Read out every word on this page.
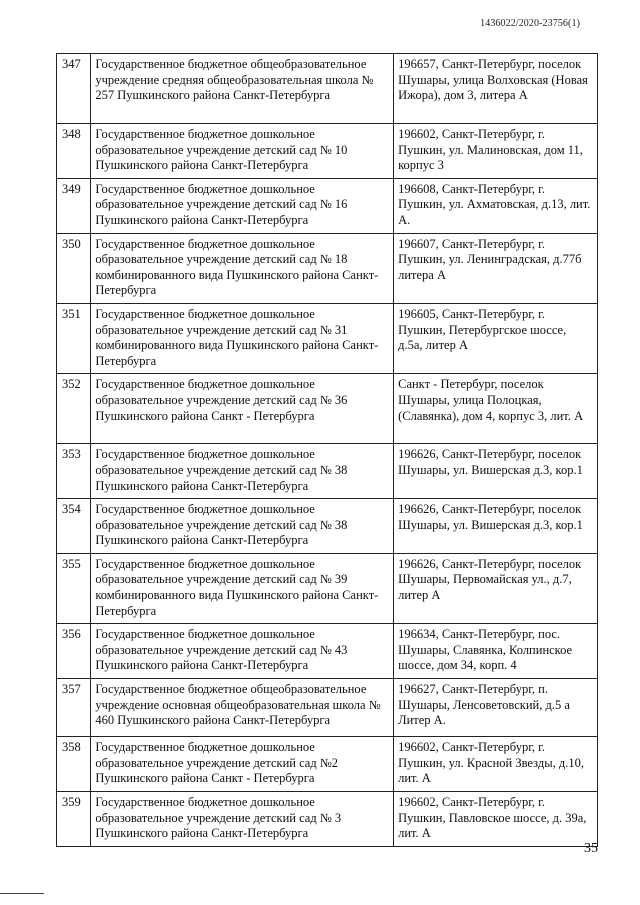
1436022/2020-23756(1)
347	Государственное бюджетное общеобразовательное учреждение средняя общеобразовательная школа № 257 Пушкинского района Санкт-Петербурга	196657, Санкт-Петербург, поселок Шушары, улица Волховская (Новая Ижора), дом 3, литера А
348	Государственное бюджетное дошкольное образовательное учреждение детский сад № 10 Пушкинского района Санкт-Петербурга	196602, Санкт-Петербург, г. Пушкин, ул. Малиновская, дом 11, корпус 3
349	Государственное бюджетное дошкольное образовательное учреждение детский сад № 16 Пушкинского района Санкт-Петербурга	196608, Санкт-Петербург, г. Пушкин, ул. Ахматовская, д.13, лит. А.
350	Государственное бюджетное дошкольное образовательное учреждение детский сад № 18 комбинированного вида Пушкинского района Санкт-Петербурга	196607, Санкт-Петербург, г. Пушкин, ул. Ленинградская, д.77б литера А
351	Государственное бюджетное дошкольное образовательное учреждение детский сад № 31 комбинированного вида Пушкинского района Санкт-Петербурга	196605, Санкт-Петербург, г. Пушкин, Петербургское шоссе, д.5а, литер А
352	Государственное бюджетное дошкольное образовательное учреждение детский сад № 36 Пушкинского района Санкт - Петербурга	Санкт - Петербург, поселок Шушары, улица Полоцкая, (Славянка), дом 4, корпус 3, лит. А
353	Государственное бюджетное дошкольное образовательное учреждение детский сад № 38 Пушкинского района Санкт-Петербурга	196626, Санкт-Петербург, поселок Шушары, ул. Вишерская д.3, кор.1
354	Государственное бюджетное дошкольное образовательное учреждение детский сад № 38 Пушкинского района Санкт-Петербурга	196626, Санкт-Петербург, поселок Шушары, ул. Вишерская д.3, кор.1
355	Государственное бюджетное дошкольное образовательное учреждение детский сад № 39 комбинированного вида Пушкинского района Санкт-Петербурга	196626, Санкт-Петербург, поселок Шушары, Первомайская ул., д.7, литер А
356	Государственное бюджетное дошкольное образовательное учреждение детский сад № 43 Пушкинского района Санкт-Петербурга	196634, Санкт-Петербург, пос. Шушары, Славянка, Колпинское шоссе, дом 34, корп. 4
357	Государственное бюджетное общеобразовательное учреждение основная общеобразовательная школа № 460 Пушкинского района Санкт-Петербурга	196627, Санкт-Петербург, п. Шушары, Ленсоветовский, д.5 а Литер А.
358	Государственное бюджетное дошкольное образовательное учреждение детский сад №2 Пушкинского района Санкт - Петербурга	196602, Санкт-Петербург, г. Пушкин, ул. Красной Звезды, д.10, лит. А
359	Государственное бюджетное дошкольное образовательное учреждение детский сад № 3 Пушкинского района Санкт-Петербурга	196602, Санкт-Петербург, г. Пушкин, Павловское шоссе, д. 39а, лит. А
35
